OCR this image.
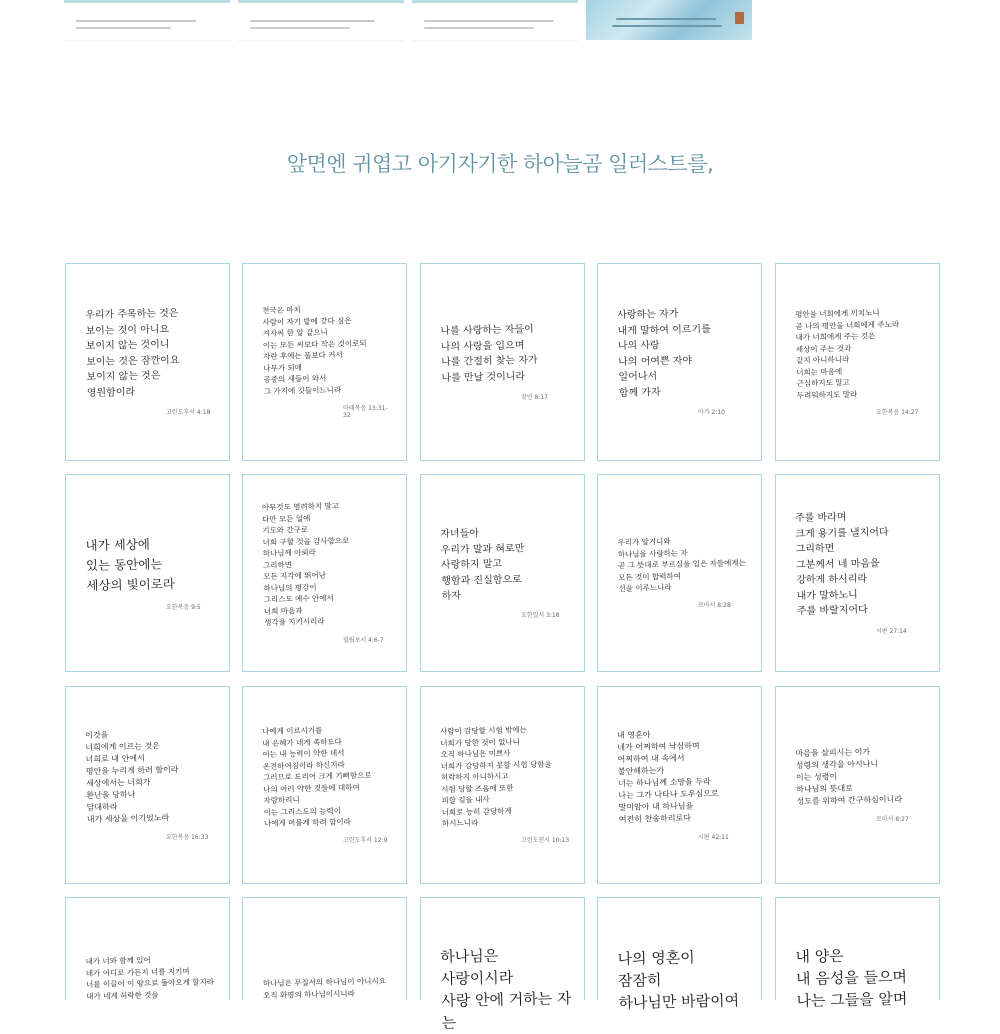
앞면엔 귀엽고 아기자기한 하아늘곰 일러스트를,
우리가 주목하는 것은
보이는 것이 아니요
보이지 않는 것이니
보이는 것은 잠깐이요
보이지 않는 것은
영원함이라
고린도후서 4:18
천국은 마치
사람이 자기 밭에 갖다 심은
겨자씨 한 알 같으니
이는 모든 씨보다 작은 것이로되
자란 후에는 풀보다 커서
나무가 되매
공중의 새들이 와서
그 가지에 깃들이느니라
마태복음 13:31-32
나를 사랑하는 자들이
나의 사랑을 입으며
나를 간절히 찾는 자가
나를 만날 것이니라
잠언 8:17
사랑하는 자가
내게 말하여 이르기를
나의 사랑
나의 어여쁜 자야
일어나서
함께 가자
아가 2:10
평안을 너희에게 끼치노니
곧 나의 평안을 너희에게 주노라
내가 너희에게 주는 것은
세상이 주는 것과
같지 아니하니라
너희는 마음에
근심하지도 말고
두려워하지도 말라
요한복음 14:27
내가 세상에
있는 동안에는
세상의 빛이로라
요한복음 9:5
아무것도 염려하지 말고
다만 모든 일에
기도와 간구로
너희 구할 것을 감사함으로
하나님께 아뢰라
그리하면
모든 지각에 뛰어난
하나님의 평강이
그리스도 예수 안에서
너희 마음과
생각을 지키시리라
빌립보서 4:6-7
자녀들아
우리가 말과 혀로만
사랑하지 말고
행함과 진실함으로
하자
요한일서 3:18
우리가 알거니와
하나님을 사랑하는 자
곧 그 뜻대로 부르심을 입은 자들에게는
모든 것이 합력하여
선을 이루느니라
로마서 8:28
주를 바라며
크게 용기를 낼지어다
그리하면
그분께서 네 마음을
강하게 하시리라
내가 말하노니
주를 바랄지어다
시편 27:14
이것을
너희에게 이르는 것은
너희로 내 안에서
평안을 누리게 하려 함이라
세상에서는 너희가
환난을 당하나
담대하라
내가 세상을 이기었노라
요한복음 16:33
나에게 이르시기를
내 은혜가 네게 족하도다
이는 내 능력이 약한 데서
온전하여짐이라 하신지라
그러므로 도리어 크게 기뻐함으로
나의 여러 약한 것들에 대하여
자랑하리니
이는 그리스도의 능력이
나에게 머물게 하려 함이라
고린도후서 12:9
사람이 감당할 시험 밖에는
너희가 당한 것이 없나니
오직 하나님은 미쁘사
너희가 감당하지 못할 시험 당함을
허락하지 아니하시고
시험 당할 즈음에 또한
피할 길을 내사
너희로 능히 감당하게
하시느니라
고린도전서 10:13
내 영혼아
네가 어찌하여 낙심하며
어찌하여 내 속에서
불안해하는가
너는 하나님께 소망을 두라
나는 그가 나타나 도우심으로
말미암아 내 하나님을
여전히 찬송하리로다
시편 42:11
마음을 살피시는 이가
성령의 생각을 아시나니
이는 성령이
하나님의 뜻대로
성도를 위하여 간구하심이니라
로마서 8:27
내가 너와 함께 있어
네가 어디로 가든지 너를 지키며
너를 이끌어 이 땅으로 돌아오게 할지라
내가 네게 허락한 것을
하나님은 무질서의 하나님이 아니시요
오직 화평의 하나님이시니라
하나님은
사랑이시라
사랑 안에 거하는 자는
나의 영혼이
잠잠히
하나님만 바람이여
내 양은
내 음성을 들으며
나는 그들을 알며
